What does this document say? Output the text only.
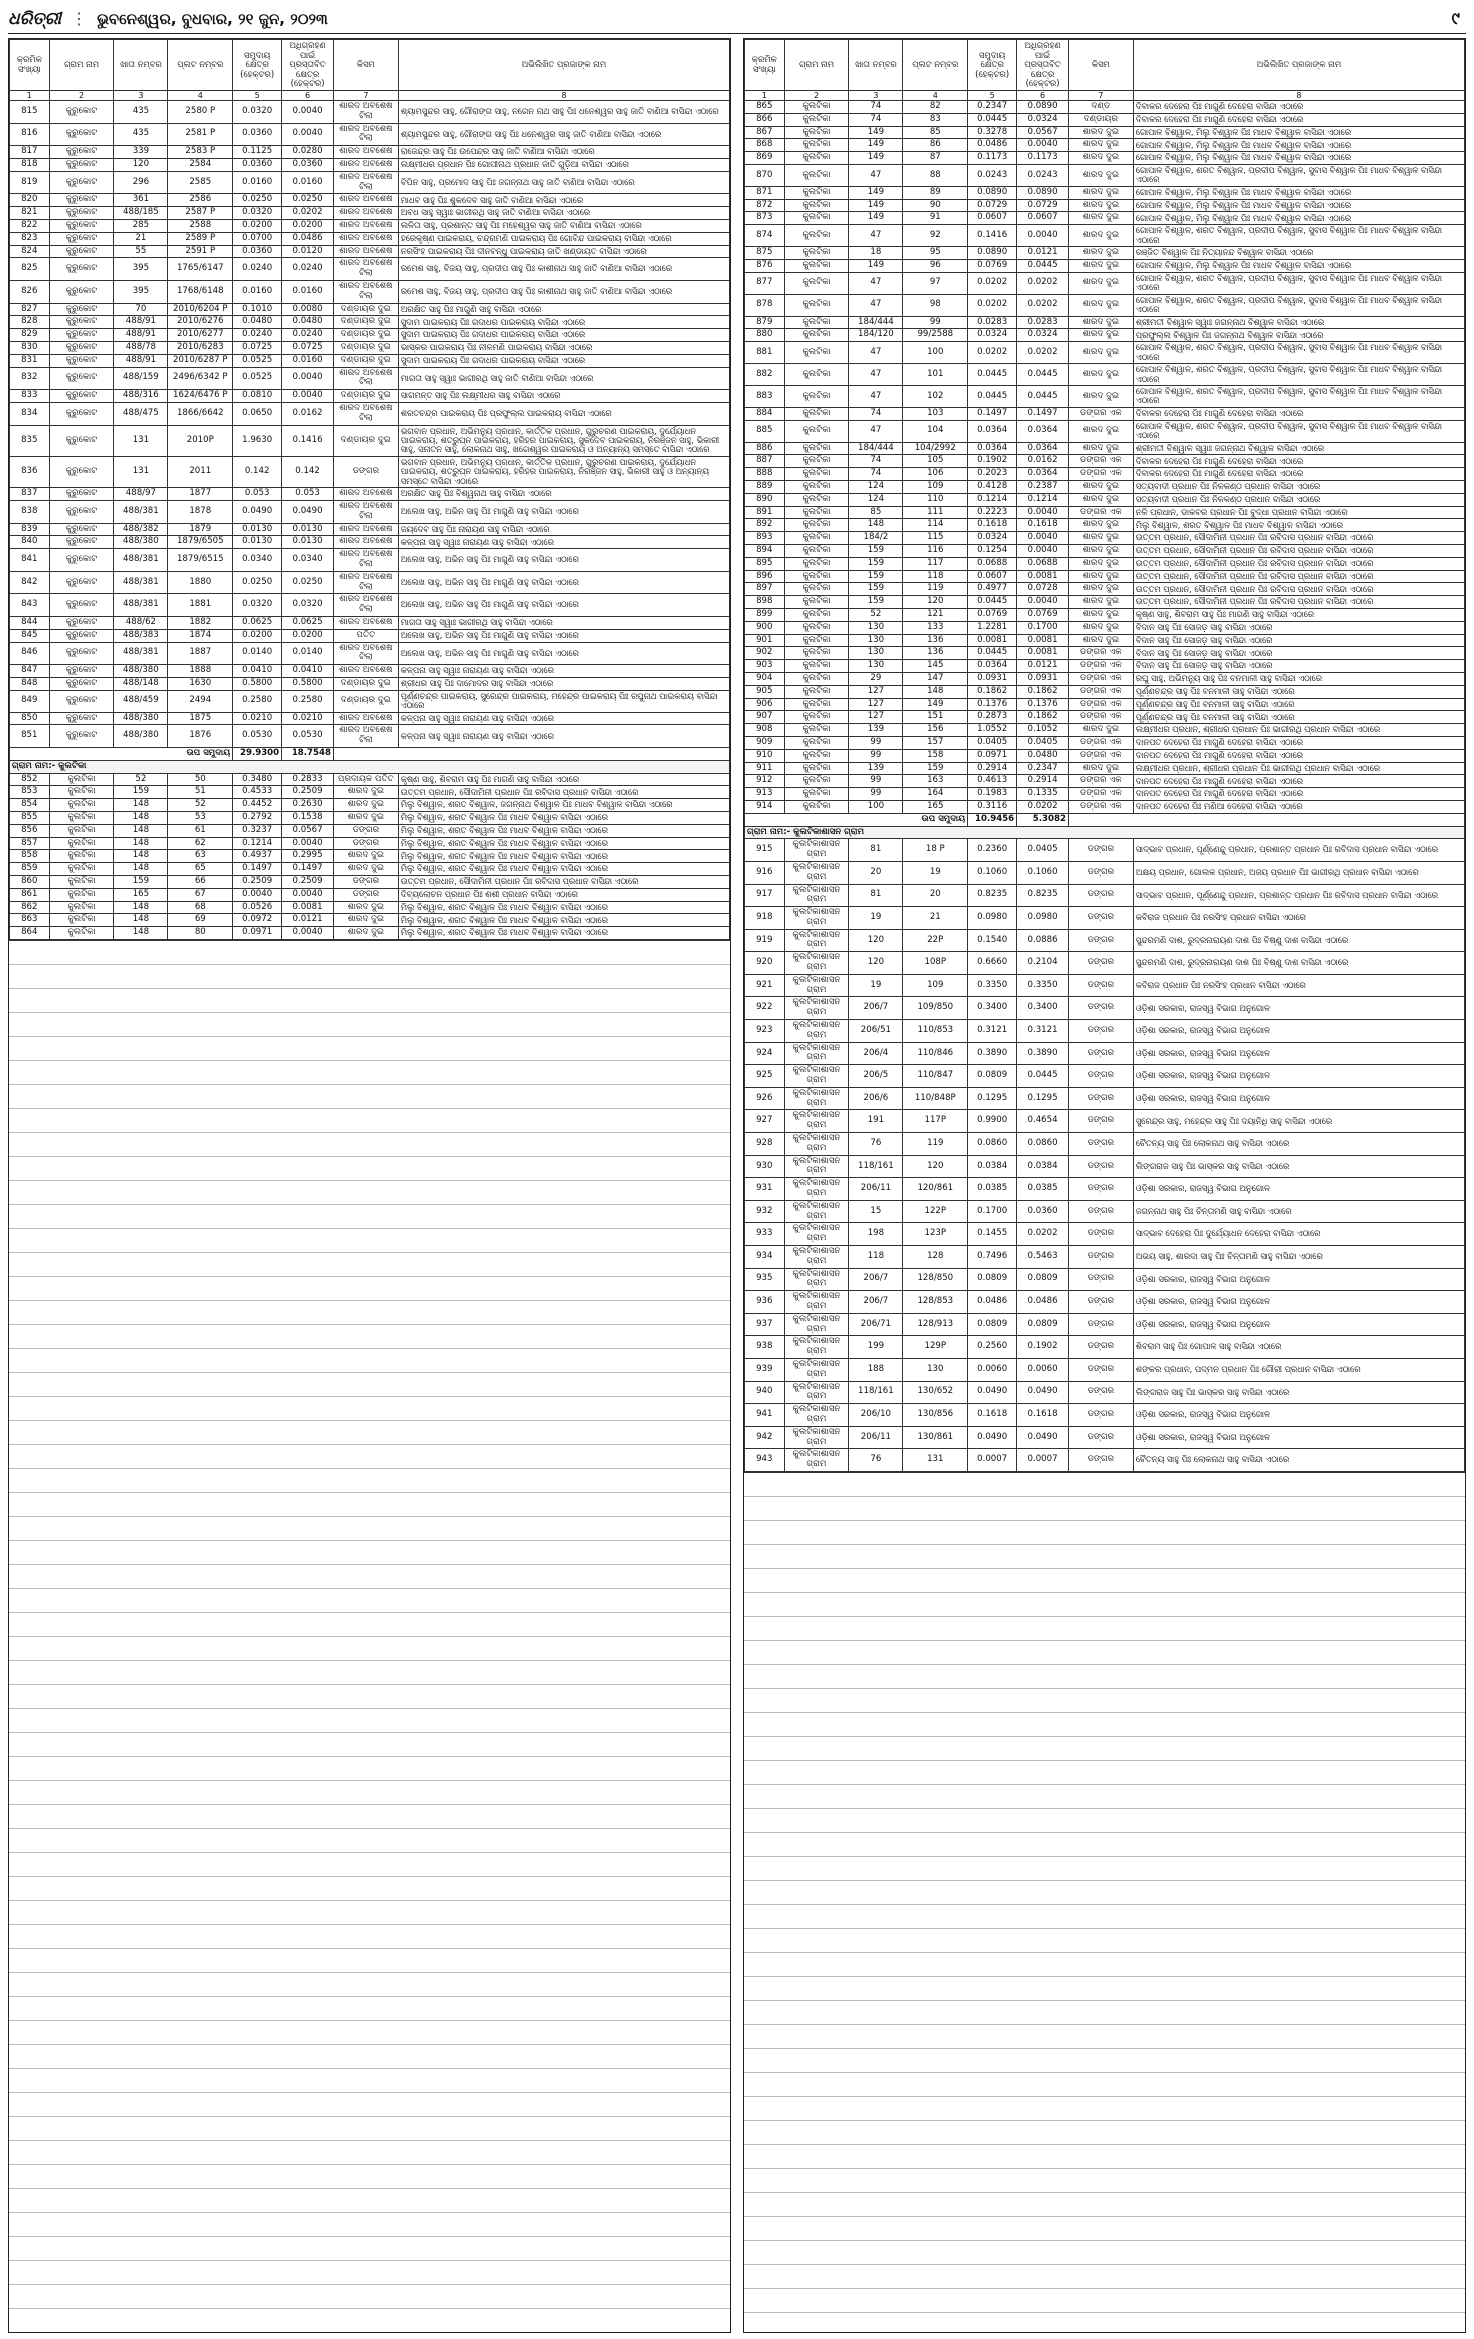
ଧରିତ୍ରୀ ⋮ ଭୁବନେଶ୍ୱର, ବୁଧବାର, ୨୧ ଜୁନ, ୨୦୨୩	୯
କ୍ରମିକ ସଂଖ୍ୟା	ଗ୍ରାମ ନାମ	ଖାତା ନମ୍ବର	ପ୍ଲଟ ନମ୍ବର	ସମୁଦାୟ କ୍ଷେତ୍ର (ହେକ୍ଟର)	ଅଧିଗ୍ରହଣ ପାଇଁ ପ୍ରସ୍ତାବିତ କ୍ଷେତ୍ର (ହେକ୍ଟର)	କିସମ	ଅଭିଲିଖିତ ପ୍ରଜାଙ୍କ ନାମ
1	2	3	4	5	6	7	8
815	କୁରୁକୋଟ	435	2580 P	0.0320	0.0040	ଶାରଦ ଅବଶେଷ ଟିଲା	ଶ୍ୟାମସୁନ୍ଦର ସାହୁ, ଗୌରାଙ୍ଗ ସାହୁ, ନଗେନ ନାଥ ସାହୁ ପିଃ ଧନେଶ୍ୱର ସାହୁ ଜାତି ବାଣିଆ ବାସିନ୍ଦା ଏଠାରେ
816	କୁରୁକୋଟ	435	2581 P	0.0360	0.0040	ଶାରଦ ଅବଶେଷ ଟିଲା	ଶ୍ୟାମସୁନ୍ଦର ସାହୁ, ଗୌରାଙ୍ଗ ସାହୁ ପିଃ ଧନେଶ୍ୱର ସାହୁ ଜାତି ବାଣିଆ ବାସିନ୍ଦା ଏଠାରେ
817	କୁରୁକୋଟ	339	2583 P	0.1125	0.0280	ଶାରଦ ଅବଶେଷ	ରାଜେନ୍ଦ୍ର ସାହୁ ପିଃ ଉପେନ୍ଦ୍ର ସାହୁ ଜାତି ବାଣିଆ ବାସିନ୍ଦା ଏଠାରେ
818	କୁରୁକୋଟ	120	2584	0.0360	0.0360	ଶାରଦ ଅବଶେଷ	ଲକ୍ଷ୍ମୀଧର ପ୍ରଧାନ ପିଃ ଗୋପୀନାଥ ପ୍ରଧାନ ଜାତି ଗୁଡ଼ିଆ ବାସିନ୍ଦା ଏଠାରେ
819	କୁରୁକୋଟ	296	2585	0.0160	0.0160	ଶାରଦ ଅବଶେଷ ଟିଲା	ବିପିନ ସାହୁ, ପ୍ରମୋଦ ସାହୁ ପିଃ ଜଗନ୍ନାଥ ସାହୁ ଜାତି ବାଣିଆ ବାସିନ୍ଦା ଏଠାରେ
820	କୁରୁକୋଟ	361	2586	0.0250	0.0250	ଶାରଦ ଅବଶେଷ	ମାଧବ ସାହୁ ପିଃ ଶୁକଦେବ ସାହୁ ଜାତି ବାଣିଆ ବାସିନ୍ଦା ଏଠାରେ
821	କୁରୁକୋଟ	488/185	2587 P	0.0320	0.0202	ଶାରଦ ଅବଶେଷ	ଅବଧ ସାହୁ ସ୍ୱାଃ ଭାଗୀରଥି ସାହୁ ଜାତି ବାଣିଆ ବାସିନ୍ଦା ଏଠାରେ
822	କୁରୁକୋଟ	285	2588	0.0200	0.0200	ଶାରଦ ଅବଶେଷ	ଲଳିତା ସାହୁ, ପ୍ରଶାନ୍ତ ସାହୁ ପିଃ ମହେଶ୍ୱର ସାହୁ ଜାତି ବାଣିଆ ବାସିନ୍ଦା ଏଠାରେ
823	କୁରୁକୋଟ	21	2589 P	0.0700	0.0486	ଶାରଦ ଅବଶେଷ	ହରେକୃଷ୍ଣ ପାଇକରାୟ, ଚନ୍ଦ୍ରମଣି ପାଇକରାୟ ପିଃ ଗୋବିନ୍ଦ ପାଇକରାୟ ବାସିନ୍ଦା ଏଠାରେ
824	କୁରୁକୋଟ	55	2591 P	0.0360	0.0120	ଶାରଦ ଅବଶେଷ	ନରସିଂହ ପାଇକରାୟ ପିଃ ଦୀନବନ୍ଧୁ ପାଇକରାୟ ଜାତି ଖଣ୍ଡାୟତ ବାସିନ୍ଦା ଏଠାରେ
825	କୁରୁକୋଟ	395	1765/6147	0.0240	0.0240	ଶାରଦ ଅବଶେଷ ଟିଲା	ରମେଶ ସାହୁ, ବିଜୟ ସାହୁ, ପ୍ରଦୀପ ସାହୁ ପିଃ କାଶୀନାଥ ସାହୁ ଜାତି ବାଣିଆ ବାସିନ୍ଦା ଏଠାରେ
826	କୁରୁକୋଟ	395	1768/6148	0.0160	0.0160	ଶାରଦ ଅବଶେଷ ଟିଲା	ରମେଶ ସାହୁ, ବିଜୟ ସାହୁ, ପ୍ରଦୀପ ସାହୁ ପିଃ କାଶୀନାଥ ସାହୁ ଜାତି ବାଣିଆ ବାସିନ୍ଦା ଏଠାରେ
827	କୁରୁକୋଟ	70	2010/6204 P	0.1010	0.0080	ଦଣ୍ଡାୟର ଦୁଇ	ଅରକ୍ଷିତ ସାହୁ ପିଃ ମାଗୁଣି ସାହୁ ବାସିନ୍ଦା ଏଠାରେ
828	କୁରୁକୋଟ	488/91	2010/6276	0.0480	0.0480	ଦଣ୍ଡାୟର ଦୁଇ	ସୁଦାମ ପାଇକରାୟ ପିଃ ଗଦାଧର ପାଇକରାୟ ବାସିନ୍ଦା ଏଠାରେ
829	କୁରୁକୋଟ	488/91	2010/6277	0.0240	0.0240	ଦଣ୍ଡାୟର ଦୁଇ	ସୁଦାମ ପାଇକରାୟ ପିଃ ଗଦାଧର ପାଇକରାୟ ବାସିନ୍ଦା ଏଠାରେ
830	କୁରୁକୋଟ	488/78	2010/6283	0.0725	0.0725	ଦଣ୍ଡାୟର ଦୁଇ	ଭାସ୍କର ପାଇକରାୟ ପିଃ ନୀଳମଣି ପାଇକରାୟ ବାସିନ୍ଦା ଏଠାରେ
831	କୁରୁକୋଟ	488/91	2010/6287 P	0.0525	0.0160	ଦଣ୍ଡାୟର ଦୁଇ	ସୁଦାମ ପାଇକରାୟ ପିଃ ଗଦାଧର ପାଇକରାୟ ବାସିନ୍ଦା ଏଠାରେ
832	କୁରୁକୋଟ	488/159	2496/6342 P	0.0525	0.0040	ଶାରଦ ଅବଶେଷ ଟିଲା	ମାଗତା ସାହୁ ସ୍ୱାଃ ଭାଗୀରଥି ସାହୁ ଜାତି ବାଣିଆ ବାସିନ୍ଦା ଏଠାରେ
833	କୁରୁକୋଟ	488/316	1624/6476 P	0.0810	0.0040	ଦଣ୍ଡାୟର ଦୁଇ	ସାଗମନ୍ତ ସାହୁ ପିଃ ଲକ୍ଷ୍ମୀଧର ସାହୁ ବାସିନ୍ଦା ଏଠାରେ
834	କୁରୁକୋଟ	488/475	1866/6642	0.0650	0.0162	ଶାରଦ ଅବଶେଷ ଟିଲା	ଶରତଚନ୍ଦ୍ର ପାଇକରାୟ ପିଃ ପ୍ରଫୁଲ୍ଲ ପାଇକରାୟ ବାସିନ୍ଦା ଏଠାରେ
835	କୁରୁକୋଟ	131	2010P	1.9630	0.1416	ଦଣ୍ଡାୟର ଦୁଇ	ଭଗବାନ ପ୍ରଧାନ, ଅଭିମନ୍ୟୁ ପ୍ରଧାନ, କାର୍ତ୍ତିକ ପ୍ରଧାନ, ଗୁରୁଚରଣ ପାଇକରାୟ, ଦୁର୍ଯ୍ୟୋଧନ ପାଇକରାୟ, ଶତ୍ରୁଘ୍ନ ପାଇକରାୟ, ହରିହର ପାଇକରାୟ, ସୁକଦେବ ପାଇକରାୟ, ନିରଞ୍ଜନ ସାହୁ, ଭିକାରୀ ସାହୁ, ସନାତନ ସାହୁ, ଲୋକନାଥ ସାହୁ, ଖଗେଶ୍ୱର ପାଇକରାୟ ଓ ଅନ୍ୟାନ୍ୟ ସମସ୍ତେ ବାସିନ୍ଦା ଏଠାରେ
836	କୁରୁକୋଟ	131	2011	0.142	0.142	ଡଙ୍ଗର	ଭଗବାନ ପ୍ରଧାନ, ଅଭିମନ୍ୟୁ ପ୍ରଧାନ, କାର୍ତ୍ତିକ ପ୍ରଧାନ, ଗୁରୁଚରଣ ପାଇକରାୟ, ଦୁର୍ଯ୍ୟୋଧନ ପାଇକରାୟ, ଶତ୍ରୁଘ୍ନ ପାଇକରାୟ, ହରିହର ପାଇକରାୟ, ନିରଞ୍ଜନ ସାହୁ, ଭିକାରୀ ସାହୁ ଓ ଅନ୍ୟାନ୍ୟ ସମସ୍ତେ ବାସିନ୍ଦା ଏଠାରେ
837	କୁରୁକୋଟ	488/97	1877	0.053	0.053	ଶାରଦ ଅବଶେଷ	ଅରକ୍ଷିତ ସାହୁ ପିଃ ବିଶ୍ୱନାଥ ସାହୁ ବାସିନ୍ଦା ଏଠାରେ
838	କୁରୁକୋଟ	488/381	1878	0.0490	0.0490	ଶାରଦ ଅବଶେଷ ଟିଲା	ଅଲେଖ ସାହୁ, ଅଭିନ ସାହୁ ପିଃ ମାଗୁଣି ସାହୁ ବାସିନ୍ଦା ଏଠାରେ
839	କୁରୁକୋଟ	488/382	1879	0.0130	0.0130	ଶାରଦ ଅବଶେଷ	ଜୟଦେବ ସାହୁ ପିଃ ନାରାୟଣ ସାହୁ ବାସିନ୍ଦା ଏଠାରେ
840	କୁରୁକୋଟ	488/380	1879/6505	0.0130	0.0130	ଶାରଦ ଅବଶେଷ	କଳ୍ପନା ସାହୁ ସ୍ୱାଃ ନାରାୟଣ ସାହୁ ବାସିନ୍ଦା ଏଠାରେ
841	କୁରୁକୋଟ	488/381	1879/6515	0.0340	0.0340	ଶାରଦ ଅବଶେଷ ଟିଲା	ଅଲେଖ ସାହୁ, ଅଭିନ ସାହୁ ପିଃ ମାଗୁଣି ସାହୁ ବାସିନ୍ଦା ଏଠାରେ
842	କୁରୁକୋଟ	488/381	1880	0.0250	0.0250	ଶାରଦ ଅବଶେଷ ଟିଲା	ଅଲେଖ ସାହୁ, ଅଭିନ ସାହୁ ପିଃ ମାଗୁଣି ସାହୁ ବାସିନ୍ଦା ଏଠାରେ
843	କୁରୁକୋଟ	488/381	1881	0.0320	0.0320	ଶାରଦ ଅବଶେଷ ଟିଲା	ଅଲେଖ ସାହୁ, ଅଭିନ ସାହୁ ପିଃ ମାଗୁଣି ସାହୁ ବାସିନ୍ଦା ଏଠାରେ
844	କୁରୁକୋଟ	488/62	1882	0.0625	0.0625	ଶାରଦ ଅବଶେଷ	ମାଗତା ସାହୁ ସ୍ୱାଃ ଭାଗୀରଥି ସାହୁ ବାସିନ୍ଦା ଏଠାରେ
845	କୁରୁକୋଟ	488/383	1874	0.0200	0.0200	ପତିତ	ଅଲେଖ ସାହୁ, ଅଭିନ ସାହୁ ପିଃ ମାଗୁଣି ସାହୁ ବାସିନ୍ଦା ଏଠାରେ
846	କୁରୁକୋଟ	488/381	1887	0.0140	0.0140	ଶାରଦ ଅବଶେଷ ଟିଲା	ଅଲେଖ ସାହୁ, ଅଭିନ ସାହୁ ପିଃ ମାଗୁଣି ସାହୁ ବାସିନ୍ଦା ଏଠାରେ
847	କୁରୁକୋଟ	488/380	1888	0.0410	0.0410	ଶାରଦ ଅବଶେଷ	କଳ୍ପନା ସାହୁ ସ୍ୱାଃ ନାରାୟଣ ସାହୁ ବାସିନ୍ଦା ଏଠାରେ
848	କୁରୁକୋଟ	488/148	1630	0.5800	0.5800	ଦଣ୍ଡାୟର ଦୁଇ	ଶ୍ରୀଧର ସାହୁ ପିଃ ଦାମୋଦର ସାହୁ ବାସିନ୍ଦା ଏଠାରେ
849	କୁରୁକୋଟ	488/459	2494	0.2580	0.2580	ଦଣ୍ଡାୟର ଦୁଇ	ପୂର୍ଣ୍ଣଚନ୍ଦ୍ର ପାଇକରାୟ, ସୁରେନ୍ଦ୍ର ପାଇକରାୟ, ମହେନ୍ଦ୍ର ପାଇକରାୟ ପିଃ ରଘୁନାଥ ପାଇକରାୟ ବାସିନ୍ଦା ଏଠାରେ
850	କୁରୁକୋଟ	488/380	1875	0.0210	0.0210	ଶାରଦ ଅବଶେଷ	କଳ୍ପନା ସାହୁ ସ୍ୱାଃ ନାରାୟଣ ସାହୁ ବାସିନ୍ଦା ଏଠାରେ
851	କୁରୁକୋଟ	488/380	1876	0.0530	0.0530	ଶାରଦ ଅବଶେଷ ଟିଲା	କଳ୍ପନା ସାହୁ ସ୍ୱାଃ ନାରାୟଣ ସାହୁ ବାସିନ୍ଦା ଏଠାରେ
ଉପ ସମୁଦାୟ				29.9300	18.7548		
ଗ୍ରାମ ନାମ:- କୁଲଟିକା							
852	କୁଲଟିକା	52	50	0.3480	0.2833	ପ୍ରଦାୟକ ପତିତ	କୃଷ୍ଣ ସାହୁ, ଶିବରାମ ସାହୁ ପିଃ ମାଗଣି ସାହୁ ବାସିନ୍ଦା ଏଠାରେ
853	କୁଲଟିକା	159	51	0.4533	0.2509	ଶାରଦ ଦୁଇ	ଉତ୍ତମ ପ୍ରଧାନ, ସୌଦାମିନୀ ପ୍ରଧାନ ପିଃ ରବିଦାସ ପ୍ରଧାନ ବାସିନ୍ଦା ଏଠାରେ
854	କୁଲଟିକା	148	52	0.4452	0.2630	ଶାରଦ ଦୁଇ	ମିଲୁ ବିଶ୍ୱାଳ, ଶରତ ବିଶ୍ୱାଳ, ଜଗନ୍ନାଥ ବିଶ୍ୱାଳ ପିଃ ମାଧବ ବିଶ୍ୱାଳ ବାସିନ୍ଦା ଏଠାରେ
855	କୁଲଟିକା	148	53	0.2792	0.1538	ଶାରଦ ଦୁଇ	ମିଲୁ ବିଶ୍ୱାଳ, ଶରତ ବିଶ୍ୱାଳ ପିଃ ମାଧବ ବିଶ୍ୱାଳ ବାସିନ୍ଦା ଏଠାରେ
856	କୁଲଟିକା	148	61	0.3237	0.0567	ଡଙ୍ଗର	ମିଲୁ ବିଶ୍ୱାଳ, ଶରତ ବିଶ୍ୱାଳ ପିଃ ମାଧବ ବିଶ୍ୱାଳ ବାସିନ୍ଦା ଏଠାରେ
857	କୁଲଟିକା	148	62	0.1214	0.0040	ଡଙ୍ଗର	ମିଲୁ ବିଶ୍ୱାଳ, ଶରତ ବିଶ୍ୱାଳ ପିଃ ମାଧବ ବିଶ୍ୱାଳ ବାସିନ୍ଦା ଏଠାରେ
858	କୁଲଟିକା	148	63	0.4937	0.2995	ଶାରଦ ଦୁଇ	ମିଲୁ ବିଶ୍ୱାଳ, ଶରତ ବିଶ୍ୱାଳ ପିଃ ମାଧବ ବିଶ୍ୱାଳ ବାସିନ୍ଦା ଏଠାରେ
859	କୁଲଟିକା	148	65	0.1497	0.1497	ଶାରଦ ଦୁଇ	ମିଲୁ ବିଶ୍ୱାଳ, ଶରତ ବିଶ୍ୱାଳ ପିଃ ମାଧବ ବିଶ୍ୱାଳ ବାସିନ୍ଦା ଏଠାରେ
860	କୁଲଟିକା	159	66	0.2509	0.2509	ଡଙ୍ଗର	ଉତ୍ତମ ପ୍ରଧାନ, ସୌଦାମିନୀ ପ୍ରଧାନ ପିଃ ରବିଦାସ ପ୍ରଧାନ ବାସିନ୍ଦା ଏଠାରେ
861	କୁଲଟିକା	165	67	0.0040	0.0040	ଡଙ୍ଗର	ଦିବ୍ୟଲୋଚନ ପ୍ରଧାନ ପିଃ ଶଶୀ ପ୍ରଧାନ ବାସିନ୍ଦା ଏଠାରେ
862	କୁଲଟିକା	148	68	0.0526	0.0081	ଶାରଦ ଦୁଇ	ମିଲୁ ବିଶ୍ୱାଳ, ଶରତ ବିଶ୍ୱାଳ ପିଃ ମାଧବ ବିଶ୍ୱାଳ ବାସିନ୍ଦା ଏଠାରେ
863	କୁଲଟିକା	148	69	0.0972	0.0121	ଶାରଦ ଦୁଇ	ମିଲୁ ବିଶ୍ୱାଳ, ଶରତ ବିଶ୍ୱାଳ ପିଃ ମାଧବ ବିଶ୍ୱାଳ ବାସିନ୍ଦା ଏଠାରେ
864	କୁଲଟିକା	148	80	0.0971	0.0040	ଶାରଦ ଦୁଇ	ମିଲୁ ବିଶ୍ୱାଳ, ଶରତ ବିଶ୍ୱାଳ ପିଃ ମାଧବ ବିଶ୍ୱାଳ ବାସିନ୍ଦା ଏଠାରେ
କ୍ରମିକ ସଂଖ୍ୟା	ଗ୍ରାମ ନାମ	ଖାତା ନମ୍ବର	ପ୍ଲଟ ନମ୍ବର	ସମୁଦାୟ କ୍ଷେତ୍ର (ହେକ୍ଟର)	ଅଧିଗ୍ରହଣ ପାଇଁ ପ୍ରସ୍ତାବିତ କ୍ଷେତ୍ର (ହେକ୍ଟର)	କିସମ	ଅଭିଲିଖିତ ପ୍ରଜାଙ୍କ ନାମ
1	2	3	4	5	6	7	8
865	କୁଲଟିକା	74	82	0.2347	0.0890	ଦଣ୍ଡ	ଦିବାକର ଦେହେରା ପିଃ ମାଗୁଣି ଦେହେରା ବାସିନ୍ଦା ଏଠାରେ
866	କୁଲଟିକା	74	83	0.0445	0.0324	ଦଣ୍ଡାୟର	ଦିବାକର ଦେହେରା ପିଃ ମାଗୁଣି ଦେହେରା ବାସିନ୍ଦା ଏଠାରେ
867	କୁଲଟିକା	149	85	0.3278	0.0567	ଶାରଦ ଦୁଇ	ଗୋପାଳ ବିଶ୍ୱାଳ, ମିଲୁ ବିଶ୍ୱାଳ ପିଃ ମାଧବ ବିଶ୍ୱାଳ ବାସିନ୍ଦା ଏଠାରେ
868	କୁଲଟିକା	149	86	0.0486	0.0040	ଶାରଦ ଦୁଇ	ଗୋପାଳ ବିଶ୍ୱାଳ, ମିଲୁ ବିଶ୍ୱାଳ ପିଃ ମାଧବ ବିଶ୍ୱାଳ ବାସିନ୍ଦା ଏଠାରେ
869	କୁଲଟିକା	149	87	0.1173	0.1173	ଶାରଦ ଦୁଇ	ଗୋପାଳ ବିଶ୍ୱାଳ, ମିଲୁ ବିଶ୍ୱାଳ ପିଃ ମାଧବ ବିଶ୍ୱାଳ ବାସିନ୍ଦା ଏଠାରେ
870	କୁଲଟିକା	47	88	0.0243	0.0243	ଶାରଦ ଦୁଇ	ଗୋପାଳ ବିଶ୍ୱାଳ, ଶରତ ବିଶ୍ୱାଳ, ପ୍ରଦୀପ ବିଶ୍ୱାଳ, ସୁବାସ ବିଶ୍ୱାଳ ପିଃ ମାଧବ ବିଶ୍ୱାଳ ବାସିନ୍ଦା ଏଠାରେ
871	କୁଲଟିକା	149	89	0.0890	0.0890	ଶାରଦ ଦୁଇ	ଗୋପାଳ ବିଶ୍ୱାଳ, ମିଲୁ ବିଶ୍ୱାଳ ପିଃ ମାଧବ ବିଶ୍ୱାଳ ବାସିନ୍ଦା ଏଠାରେ
872	କୁଲଟିକା	149	90	0.0729	0.0729	ଶାରଦ ଦୁଇ	ଗୋପାଳ ବିଶ୍ୱାଳ, ମିଲୁ ବିଶ୍ୱାଳ ପିଃ ମାଧବ ବିଶ୍ୱାଳ ବାସିନ୍ଦା ଏଠାରେ
873	କୁଲଟିକା	149	91	0.0607	0.0607	ଶାରଦ ଦୁଇ	ଗୋପାଳ ବିଶ୍ୱାଳ, ମିଲୁ ବିଶ୍ୱାଳ ପିଃ ମାଧବ ବିଶ୍ୱାଳ ବାସିନ୍ଦା ଏଠାରେ
874	କୁଲଟିକା	47	92	0.1416	0.0040	ଶାରଦ ଦୁଇ	ଗୋପାଳ ବିଶ୍ୱାଳ, ଶରତ ବିଶ୍ୱାଳ, ପ୍ରଦୀପ ବିଶ୍ୱାଳ, ସୁବାସ ବିଶ୍ୱାଳ ପିଃ ମାଧବ ବିଶ୍ୱାଳ ବାସିନ୍ଦା ଏଠାରେ
875	କୁଲଟିକା	18	95	0.0890	0.0121	ଶାରଦ ଦୁଇ	ରଞ୍ଜିତ ବିଶ୍ୱାଳ ପିଃ ନିତ୍ୟାନନ୍ଦ ବିଶ୍ୱାଳ ବାସିନ୍ଦା ଏଠାରେ
876	କୁଲଟିକା	149	96	0.0769	0.0445	ଶାରଦ ଦୁଇ	ଗୋପାଳ ବିଶ୍ୱାଳ, ମିଲୁ ବିଶ୍ୱାଳ ପିଃ ମାଧବ ବିଶ୍ୱାଳ ବାସିନ୍ଦା ଏଠାରେ
877	କୁଲଟିକା	47	97	0.0202	0.0202	ଶାରଦ ଦୁଇ	ଗୋପାଳ ବିଶ୍ୱାଳ, ଶରତ ବିଶ୍ୱାଳ, ପ୍ରଦୀପ ବିଶ୍ୱାଳ, ସୁବାସ ବିଶ୍ୱାଳ ପିଃ ମାଧବ ବିଶ୍ୱାଳ ବାସିନ୍ଦା ଏଠାରେ
878	କୁଲଟିକା	47	98	0.0202	0.0202	ଶାରଦ ଦୁଇ	ଗୋପାଳ ବିଶ୍ୱାଳ, ଶରତ ବିଶ୍ୱାଳ, ପ୍ରଦୀପ ବିଶ୍ୱାଳ, ସୁବାସ ବିଶ୍ୱାଳ ପିଃ ମାଧବ ବିଶ୍ୱାଳ ବାସିନ୍ଦା ଏଠାରେ
879	କୁଲଟିକା	184/444	99	0.0283	0.0283	ଶାରଦ ଦୁଇ	ଶ୍ରୀମତୀ ବିଶ୍ୱାଳ ସ୍ୱାଃ ଜଗନ୍ନାଥ ବିଶ୍ୱାଳ ବାସିନ୍ଦା ଏଠାରେ
880	କୁଲଟିକା	184/120	99/2588	0.0324	0.0324	ଶାରଦ ଦୁଇ	ପ୍ରଫୁଲ୍ଲ ବିଶ୍ୱାଳ ପିଃ ଜଗନ୍ନାଥ ବିଶ୍ୱାଳ ବାସିନ୍ଦା ଏଠାରେ
881	କୁଲଟିକା	47	100	0.0202	0.0202	ଶାରଦ ଦୁଇ	ଗୋପାଳ ବିଶ୍ୱାଳ, ଶରତ ବିଶ୍ୱାଳ, ପ୍ରଦୀପ ବିଶ୍ୱାଳ, ସୁବାସ ବିଶ୍ୱାଳ ପିଃ ମାଧବ ବିଶ୍ୱାଳ ବାସିନ୍ଦା ଏଠାରେ
882	କୁଲଟିକା	47	101	0.0445	0.0445	ଶାରଦ ଦୁଇ	ଗୋପାଳ ବିଶ୍ୱାଳ, ଶରତ ବିଶ୍ୱାଳ, ପ୍ରଦୀପ ବିଶ୍ୱାଳ, ସୁବାସ ବିଶ୍ୱାଳ ପିଃ ମାଧବ ବିଶ୍ୱାଳ ବାସିନ୍ଦା ଏଠାରେ
883	କୁଲଟିକା	47	102	0.0445	0.0445	ଶାରଦ ଦୁଇ	ଗୋପାଳ ବିଶ୍ୱାଳ, ଶରତ ବିଶ୍ୱାଳ, ପ୍ରଦୀପ ବିଶ୍ୱାଳ, ସୁବାସ ବିଶ୍ୱାଳ ପିଃ ମାଧବ ବିଶ୍ୱାଳ ବାସିନ୍ଦା ଏଠାରେ
884	କୁଲଟିକା	74	103	0.1497	0.1497	ଡଙ୍ଗର ଏକ	ଦିବାକର ଦେହେରା ପିଃ ମାଗୁଣି ଦେହେରା ବାସିନ୍ଦା ଏଠାରେ
885	କୁଲଟିକା	47	104	0.0364	0.0364	ଶାରଦ ଦୁଇ	ଗୋପାଳ ବିଶ୍ୱାଳ, ଶରତ ବିଶ୍ୱାଳ, ପ୍ରଦୀପ ବିଶ୍ୱାଳ, ସୁବାସ ବିଶ୍ୱାଳ ପିଃ ମାଧବ ବିଶ୍ୱାଳ ବାସିନ୍ଦା ଏଠାରେ
886	କୁଲଟିକା	184/444	104/2992	0.0364	0.0364	ଶାରଦ ଦୁଇ	ଶ୍ରୀମତୀ ବିଶ୍ୱାଳ ସ୍ୱାଃ ଜଗନ୍ନାଥ ବିଶ୍ୱାଳ ବାସିନ୍ଦା ଏଠାରେ
887	କୁଲଟିକା	74	105	0.1902	0.0162	ଡଙ୍ଗର ଏକ	ଦିବାକର ଦେହେରା ପିଃ ମାଗୁଣି ଦେହେରା ବାସିନ୍ଦା ଏଠାରେ
888	କୁଲଟିକା	74	106	0.2023	0.0364	ଡଙ୍ଗର ଏକ	ଦିବାକର ଦେହେରା ପିଃ ମାଗୁଣି ଦେହେରା ବାସିନ୍ଦା ଏଠାରେ
889	କୁଲଟିକା	124	109	0.4128	0.2387	ଶାରଦ ଦୁଇ	ସତ୍ୟବାଦୀ ପ୍ରଧାନ ପିଃ ନିଳକଣ୍ଠ ପ୍ରଧାନ ବାସିନ୍ଦା ଏଠାରେ
890	କୁଲଟିକା	124	110	0.1214	0.1214	ଶାରଦ ଦୁଇ	ସତ୍ୟବାଦୀ ପ୍ରଧାନ ପିଃ ନିଳକଣ୍ଠ ପ୍ରଧାନ ବାସିନ୍ଦା ଏଠାରେ
891	କୁଲଟିକା	85	111	0.2223	0.0040	ଡଙ୍ଗର ଏକ	ନଳି ପ୍ରଧାନ, ଡାକବର ପ୍ରଧାନ ପିଃ ବୁଦ୍ଧା ପ୍ରଧାନ ବାସିନ୍ଦା ଏଠାରେ
892	କୁଲଟିକା	148	114	0.1618	0.1618	ଶାରଦ ଦୁଇ	ମିଲୁ ବିଶ୍ୱାଳ, ଶରତ ବିଶ୍ୱାଳ ପିଃ ମାଧବ ବିଶ୍ୱାଳ ବାସିନ୍ଦା ଏଠାରେ
893	କୁଲଟିକା	184/2	115	0.0324	0.0040	ଶାରଦ ଦୁଇ	ଉତ୍ତମ ପ୍ରଧାନ, ସୌଦାମିନୀ ପ୍ରଧାନ ପିଃ ରବିଦାସ ପ୍ରଧାନ ବାସିନ୍ଦା ଏଠାରେ
894	କୁଲଟିକା	159	116	0.1254	0.0040	ଶାରଦ ଦୁଇ	ଉତ୍ତମ ପ୍ରଧାନ, ସୌଦାମିନୀ ପ୍ରଧାନ ପିଃ ରବିଦାସ ପ୍ରଧାନ ବାସିନ୍ଦା ଏଠାରେ
895	କୁଲଟିକା	159	117	0.0688	0.0688	ଶାରଦ ଦୁଇ	ଉତ୍ତମ ପ୍ରଧାନ, ସୌଦାମିନୀ ପ୍ରଧାନ ପିଃ ରବିଦାସ ପ୍ରଧାନ ବାସିନ୍ଦା ଏଠାରେ
896	କୁଲଟିକା	159	118	0.0607	0.0081	ଶାରଦ ଦୁଇ	ଉତ୍ତମ ପ୍ରଧାନ, ସୌଦାମିନୀ ପ୍ରଧାନ ପିଃ ରବିଦାସ ପ୍ରଧାନ ବାସିନ୍ଦା ଏଠାରେ
897	କୁଲଟିକା	159	119	0.4977	0.0728	ଶାରଦ ଦୁଇ	ଉତ୍ତମ ପ୍ରଧାନ, ସୌଦାମିନୀ ପ୍ରଧାନ ପିଃ ରବିଦାସ ପ୍ରଧାନ ବାସିନ୍ଦା ଏଠାରେ
898	କୁଲଟିକା	159	120	0.0445	0.0040	ଶାରଦ ଦୁଇ	ଉତ୍ତମ ପ୍ରଧାନ, ସୌଦାମିନୀ ପ୍ରଧାନ ପିଃ ରବିଦାସ ପ୍ରଧାନ ବାସିନ୍ଦା ଏଠାରେ
899	କୁଲଟିକା	52	121	0.0769	0.0769	ଶାରଦ ଦୁଇ	କୃଷ୍ଣ ସାହୁ, ଶିବରାମ ସାହୁ ପିଃ ମାଗଣି ସାହୁ ବାସିନ୍ଦା ଏଠାରେ
900	କୁଲଟିକା	130	133	1.2281	0.1700	ଶାରଦ ଦୁଇ	ବିଦାନ ସାହୁ ପିଃ ସୋଜଡ଼ ସାହୁ ବାସିନ୍ଦା ଏଠାରେ
901	କୁଲଟିକା	130	136	0.0081	0.0081	ଶାରଦ ଦୁଇ	ବିଦାନ ସାହୁ ପିଃ ସୋଜଡ଼ ସାହୁ ବାସିନ୍ଦା ଏଠାରେ
902	କୁଲଟିକା	130	136	0.0445	0.0081	ଡଙ୍ଗର ଏକ	ବିଦାନ ସାହୁ ପିଃ ସୋଜଡ଼ ସାହୁ ବାସିନ୍ଦା ଏଠାରେ
903	କୁଲଟିକା	130	145	0.0364	0.0121	ଡଙ୍ଗର ଏକ	ବିଦାନ ସାହୁ ପିଃ ସୋଜଡ଼ ସାହୁ ବାସିନ୍ଦା ଏଠାରେ
904	କୁଲଟିକା	29	147	0.0931	0.0931	ଡଙ୍ଗର ଏକ	ରଘୁ ସାହୁ, ଅଭିମନ୍ୟୁ ସାହୁ ପିଃ ବନମାଳୀ ସାହୁ ବାସିନ୍ଦା ଏଠାରେ
905	କୁଲଟିକା	127	148	0.1862	0.1862	ଡଙ୍ଗର ଏକ	ପୂର୍ଣ୍ଣଚନ୍ଦ୍ର ସାହୁ ପିଃ ବନମାଳୀ ସାହୁ ବାସିନ୍ଦା ଏଠାରେ
906	କୁଲଟିକା	127	149	0.1376	0.1376	ଡଙ୍ଗର ଏକ	ପୂର୍ଣ୍ଣଚନ୍ଦ୍ର ସାହୁ ପିଃ ବନମାଳୀ ସାହୁ ବାସିନ୍ଦା ଏଠାରେ
907	କୁଲଟିକା	127	151	0.2873	0.1862	ଡଙ୍ଗର ଏକ	ପୂର୍ଣ୍ଣଚନ୍ଦ୍ର ସାହୁ ପିଃ ବନମାଳୀ ସାହୁ ବାସିନ୍ଦା ଏଠାରେ
908	କୁଲଟିକା	139	156	1.0552	0.1052	ଶାରଦ ଦୁଇ	ଲକ୍ଷ୍ମୀଧର ପ୍ରଧାନ, ଶ୍ରୀଧର ପ୍ରଧାନ ପିଃ ଭାଗୀରଥି ପ୍ରଧାନ ବାସିନ୍ଦା ଏଠାରେ
909	କୁଲଟିକା	99	157	0.0405	0.0405	ଡଙ୍ଗର ଏକ	ଦାନପତ ଦେହେରା ପିଃ ମାଗୁଣି ଦେହେରା ବାସିନ୍ଦା ଏଠାରେ
910	କୁଲଟିକା	99	158	0.0971	0.0480	ଡଙ୍ଗର ଏକ	ଦାନପତ ଦେହେରା ପିଃ ମାଗୁଣି ଦେହେରା ବାସିନ୍ଦା ଏଠାରେ
911	କୁଲଟିକା	139	159	0.2914	0.2347	ଶାରଦ ଦୁଇ	ଲକ୍ଷ୍ମୀଧର ପ୍ରଧାନ, ଶ୍ରୀଧର ପ୍ରଧାନ ପିଃ ଭାଗୀରଥି ପ୍ରଧାନ ବାସିନ୍ଦା ଏଠାରେ
912	କୁଲଟିକା	99	163	0.4613	0.2914	ଡଙ୍ଗର ଏକ	ଦାନପତ ଦେହେରା ପିଃ ମାଗୁଣି ଦେହେରା ବାସିନ୍ଦା ଏଠାରେ
913	କୁଲଟିକା	99	164	0.1983	0.1335	ଡଙ୍ଗର ଏକ	ଦାନପତ ଦେହେରା ପିଃ ମାଗୁଣି ଦେହେରା ବାସିନ୍ଦା ଏଠାରେ
914	କୁଲଟିକା	100	165	0.3116	0.0202	ଡଙ୍ଗର ଏକ	ଦାନପତ ଦେହେରା ପିଃ ମଣିଆ ଦେହେରା ବାସିନ୍ଦା ଏଠାରେ
ଉପ ସମୁଦାୟ				10.9456	5.3082		
ଗ୍ରାମ ନାମ:- କୁଲଟିକାଶାସନ ଗ୍ରାମ							
915	କୁଲଟିକାଶାସନ ଗ୍ରାମ	81	18 P	0.2360	0.0405	ଡଙ୍ଗର	ସାଦ୍ଭାବ ପ୍ରଧାନ, ପୂର୍ଣ୍ଣେନ୍ଦୁ ପ୍ରଧାନ, ପ୍ରଶାନ୍ତ ପ୍ରଧାନ ପିଃ ରବିଦାସ ପ୍ରଧାନ ବାସିନ୍ଦା ଏଠାରେ
916	କୁଲଟିକାଶାସନ ଗ୍ରାମ	20	19	0.1060	0.1060	ଡଙ୍ଗର	ଅକ୍ଷୟ ପ୍ରଧାନ, ଗୋଲକ ପ୍ରଧାନ, ଅଜୟ ପ୍ରଧାନ ପିଃ ଭାଗୀରଥି ପ୍ରଧାନ ବାସିନ୍ଦା ଏଠାରେ
917	କୁଲଟିକାଶାସନ ଗ୍ରାମ	81	20	0.8235	0.8235	ଡଙ୍ଗର	ସାଦ୍ଭାବ ପ୍ରଧାନ, ପୂର୍ଣ୍ଣେନ୍ଦୁ ପ୍ରଧାନ, ପ୍ରଶାନ୍ତ ପ୍ରଧାନ ପିଃ ରବିଦାସ ପ୍ରଧାନ ବାସିନ୍ଦା ଏଠାରେ
918	କୁଲଟିକାଶାସନ ଗ୍ରାମ	19	21	0.0980	0.0980	ଡଙ୍ଗର	କବିରାଜ ପ୍ରଧାନ ପିଃ ନରସିଂହ ପ୍ରଧାନ ବାସିନ୍ଦା ଏଠାରେ
919	କୁଲଟିକାଶାସନ ଗ୍ରାମ	120	22P	0.1540	0.0886	ଡଙ୍ଗର	ସୁନ୍ଦରମଣି ଦାଶ, ରୁଦ୍ରନାରାୟଣ ଦାଶ ପିଃ ବିଷ୍ଣୁ ଦାଶ ବାସିନ୍ଦା ଏଠାରେ
920	କୁଲଟିକାଶାସନ ଗ୍ରାମ	120	108P	0.6660	0.2104	ଡଙ୍ଗର	ସୁନ୍ଦରମଣି ଦାଶ, ରୁଦ୍ରନାରାୟଣ ଦାଶ ପିଃ ବିଷ୍ଣୁ ଦାଶ ବାସିନ୍ଦା ଏଠାରେ
921	କୁଲଟିକାଶାସନ ଗ୍ରାମ	19	109	0.3350	0.3350	ଡଙ୍ଗର	କବିରାଜ ପ୍ରଧାନ ପିଃ ନରସିଂହ ପ୍ରଧାନ ବାସିନ୍ଦା ଏଠାରେ
922	କୁଲଟିକାଶାସନ ଗ୍ରାମ	206/7	109/850	0.3400	0.3400	ଡଙ୍ଗର	ଓଡ଼ିଶା ସରକାର, ରାଜସ୍ୱ ବିଭାଗ ଅନୁଗୋଳ
923	କୁଲଟିକାଶାସନ ଗ୍ରାମ	206/51	110/853	0.3121	0.3121	ଡଙ୍ଗର	ଓଡ଼ିଶା ସରକାର, ରାଜସ୍ୱ ବିଭାଗ ଅନୁଗୋଳ
924	କୁଲଟିକାଶାସନ ଗ୍ରାମ	206/4	110/846	0.3890	0.3890	ଡଙ୍ଗର	ଓଡ଼ିଶା ସରକାର, ରାଜସ୍ୱ ବିଭାଗ ଅନୁଗୋଳ
925	କୁଲଟିକାଶାସନ ଗ୍ରାମ	206/5	110/847	0.0809	0.0445	ଡଙ୍ଗର	ଓଡ଼ିଶା ସରକାର, ରାଜସ୍ୱ ବିଭାଗ ଅନୁଗୋଳ
926	କୁଲଟିକାଶାସନ ଗ୍ରାମ	206/6	110/848P	0.1295	0.1295	ଡଙ୍ଗର	ଓଡ଼ିଶା ସରକାର, ରାଜସ୍ୱ ବିଭାଗ ଅନୁଗୋଳ
927	କୁଲଟିକାଶାସନ ଗ୍ରାମ	191	117P	0.9900	0.4654	ଡଙ୍ଗର	ସୁରେନ୍ଦ୍ର ସାହୁ, ମହେନ୍ଦ୍ର ସାହୁ ପିଃ ଦୟାନିଧି ସାହୁ ବାସିନ୍ଦା ଏଠାରେ
928	କୁଲଟିକାଶାସନ ଗ୍ରାମ	76	119	0.0860	0.0860	ଡଙ୍ଗର	ଚୈତନ୍ୟ ସାହୁ ପିଃ ଲୋକନାଥ ସାହୁ ବାସିନ୍ଦା ଏଠାରେ
930	କୁଲଟିକାଶାସନ ଗ୍ରାମ	118/161	120	0.0384	0.0384	ଡଙ୍ଗର	ଲିଙ୍ଗରାଜ ସାହୁ ପିଃ ଭାସ୍କର ସାହୁ ବାସିନ୍ଦା ଏଠାରେ
931	କୁଲଟିକାଶାସନ ଗ୍ରାମ	206/11	120/861	0.0385	0.0385	ଡଙ୍ଗର	ଓଡ଼ିଶା ସରକାର, ରାଜସ୍ୱ ବିଭାଗ ଅନୁଗୋଳ
932	କୁଲଟିକାଶାସନ ଗ୍ରାମ	15	122P	0.1700	0.0360	ଡଙ୍ଗର	ଜଗନ୍ନାଥ ସାହୁ ପିଃ ଚିନ୍ତାମଣି ସାହୁ ବାସିନ୍ଦା ଏଠାରେ
933	କୁଲଟିକାଶାସନ ଗ୍ରାମ	198	123P	0.1455	0.0202	ଡଙ୍ଗର	ସାଦ୍ଭାବ ଦେହେରା ପିଃ ଦୁର୍ଯ୍ୟୋଧନ ଦେହେରା ବାସିନ୍ଦା ଏଠାରେ
934	କୁଲଟିକାଶାସନ ଗ୍ରାମ	118	128	0.7496	0.5463	ଡଙ୍ଗର	ଅଭୟ ସାହୁ, ଶାରଦା ସାହୁ ପିଃ ଚିନ୍ତାମଣି ସାହୁ ବାସିନ୍ଦା ଏଠାରେ
935	କୁଲଟିକାଶାସନ ଗ୍ରାମ	206/7	128/850	0.0809	0.0809	ଡଙ୍ଗର	ଓଡ଼ିଶା ସରକାର, ରାଜସ୍ୱ ବିଭାଗ ଅନୁଗୋଳ
936	କୁଲଟିକାଶାସନ ଗ୍ରାମ	206/7	128/853	0.0486	0.0486	ଡଙ୍ଗର	ଓଡ଼ିଶା ସରକାର, ରାଜସ୍ୱ ବିଭାଗ ଅନୁଗୋଳ
937	କୁଲଟିକାଶାସନ ଗ୍ରାମ	206/71	128/913	0.0809	0.0809	ଡଙ୍ଗର	ଓଡ଼ିଶା ସରକାର, ରାଜସ୍ୱ ବିଭାଗ ଅନୁଗୋଳ
938	କୁଲଟିକାଶାସନ ଗ୍ରାମ	199	129P	0.2560	0.1902	ଡଙ୍ଗର	ଶିବରାମ ସାହୁ ପିଃ ଗୋପାଳ ସାହୁ ବାସିନ୍ଦା ଏଠାରେ
939	କୁଲଟିକାଶାସନ ଗ୍ରାମ	188	130	0.0060	0.0060	ଡଙ୍ଗର	ଶଙ୍କର ପ୍ରଧାନ, ପଦ୍ମନ ପ୍ରଧାନ ପିଃ ଗୌରୀ ପ୍ରଧାନ ବାସିନ୍ଦା ଏଠାରେ
940	କୁଲଟିକାଶାସନ ଗ୍ରାମ	118/161	130/652	0.0490	0.0490	ଡଙ୍ଗର	ଲିଙ୍ଗରାଜ ସାହୁ ପିଃ ଭାସ୍କର ସାହୁ ବାସିନ୍ଦା ଏଠାରେ
941	କୁଲଟିକାଶାସନ ଗ୍ରାମ	206/10	130/856	0.1618	0.1618	ଡଙ୍ଗର	ଓଡ଼ିଶା ସରକାର, ରାଜସ୍ୱ ବିଭାଗ ଅନୁଗୋଳ
942	କୁଲଟିକାଶାସନ ଗ୍ରାମ	206/11	130/861	0.0490	0.0490	ଡଙ୍ଗର	ଓଡ଼ିଶା ସରକାର, ରାଜସ୍ୱ ବିଭାଗ ଅନୁଗୋଳ
943	କୁଲଟିକାଶାସନ ଗ୍ରାମ	76	131	0.0007	0.0007	ଡଙ୍ଗର	ଚୈତନ୍ୟ ସାହୁ ପିଃ ଲୋକନାଥ ସାହୁ ବାସିନ୍ଦା ଏଠାରେ
